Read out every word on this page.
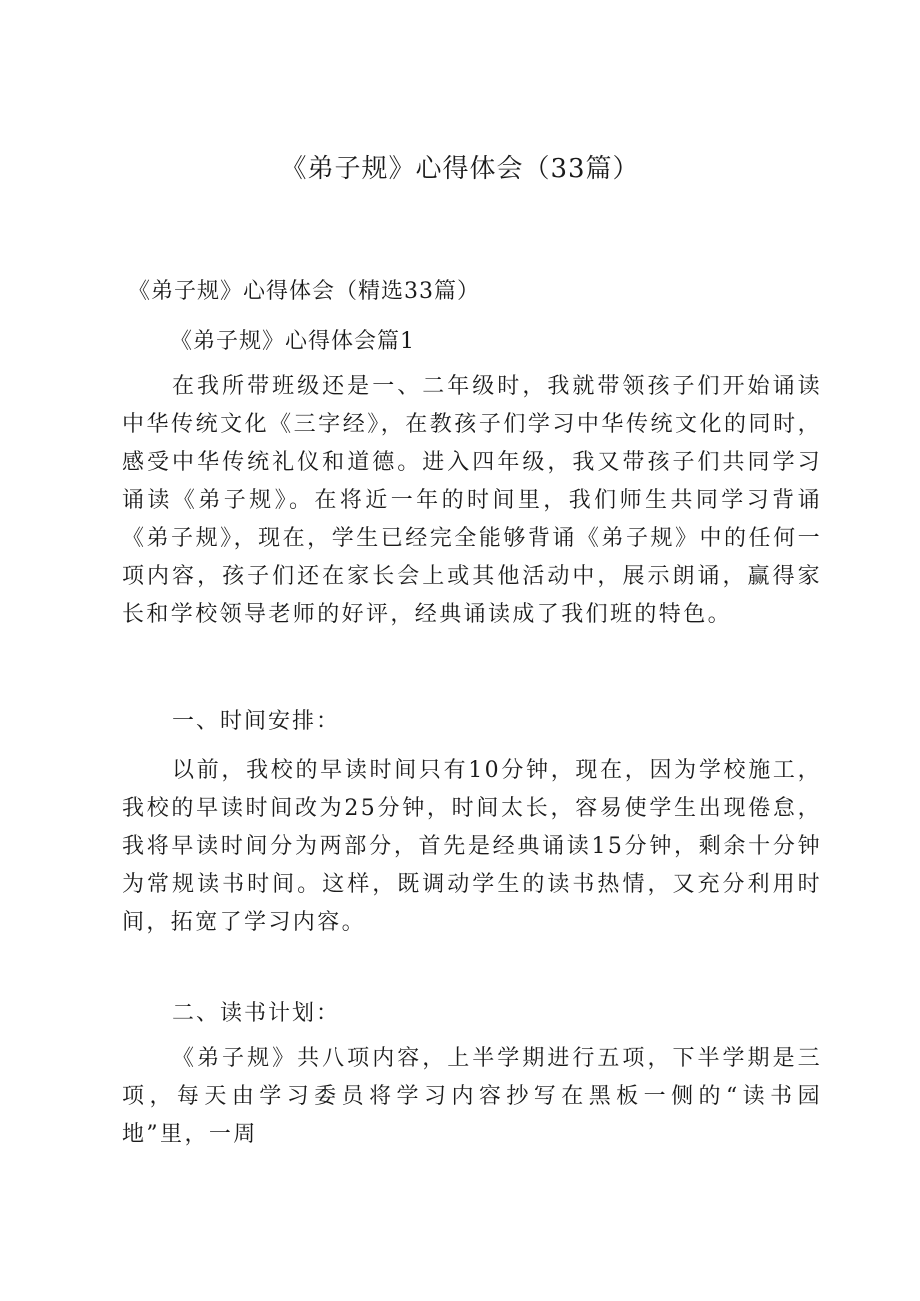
《弟子规》心得体会（33篇）
《弟子规》心得体会（精选33篇）
《弟子规》心得体会篇1
在我所带班级还是一、二年级时，我就带领孩子们开始诵读中华传统文化《三字经》，在教孩子们学习中华传统文化的同时，感受中华传统礼仪和道德。进入四年级，我又带孩子们共同学习诵读《弟子规》。在将近一年的时间里，我们师生共同学习背诵《弟子规》，现在，学生已经完全能够背诵《弟子规》中的任何一项内容，孩子们还在家长会上或其他活动中，展示朗诵，赢得家长和学校领导老师的好评，经典诵读成了我们班的特色。
一、时间安排：
以前，我校的早读时间只有10分钟，现在，因为学校施工，我校的早读时间改为25分钟，时间太长，容易使学生出现倦怠，我将早读时间分为两部分，首先是经典诵读15分钟，剩余十分钟为常规读书时间。这样，既调动学生的读书热情，又充分利用时间，拓宽了学习内容。
二、读书计划：
《弟子规》共八项内容，上半学期进行五项，下半学期是三项，每天由学习委员将学习内容抄写在黑板一侧的“读书园地”里，一周
